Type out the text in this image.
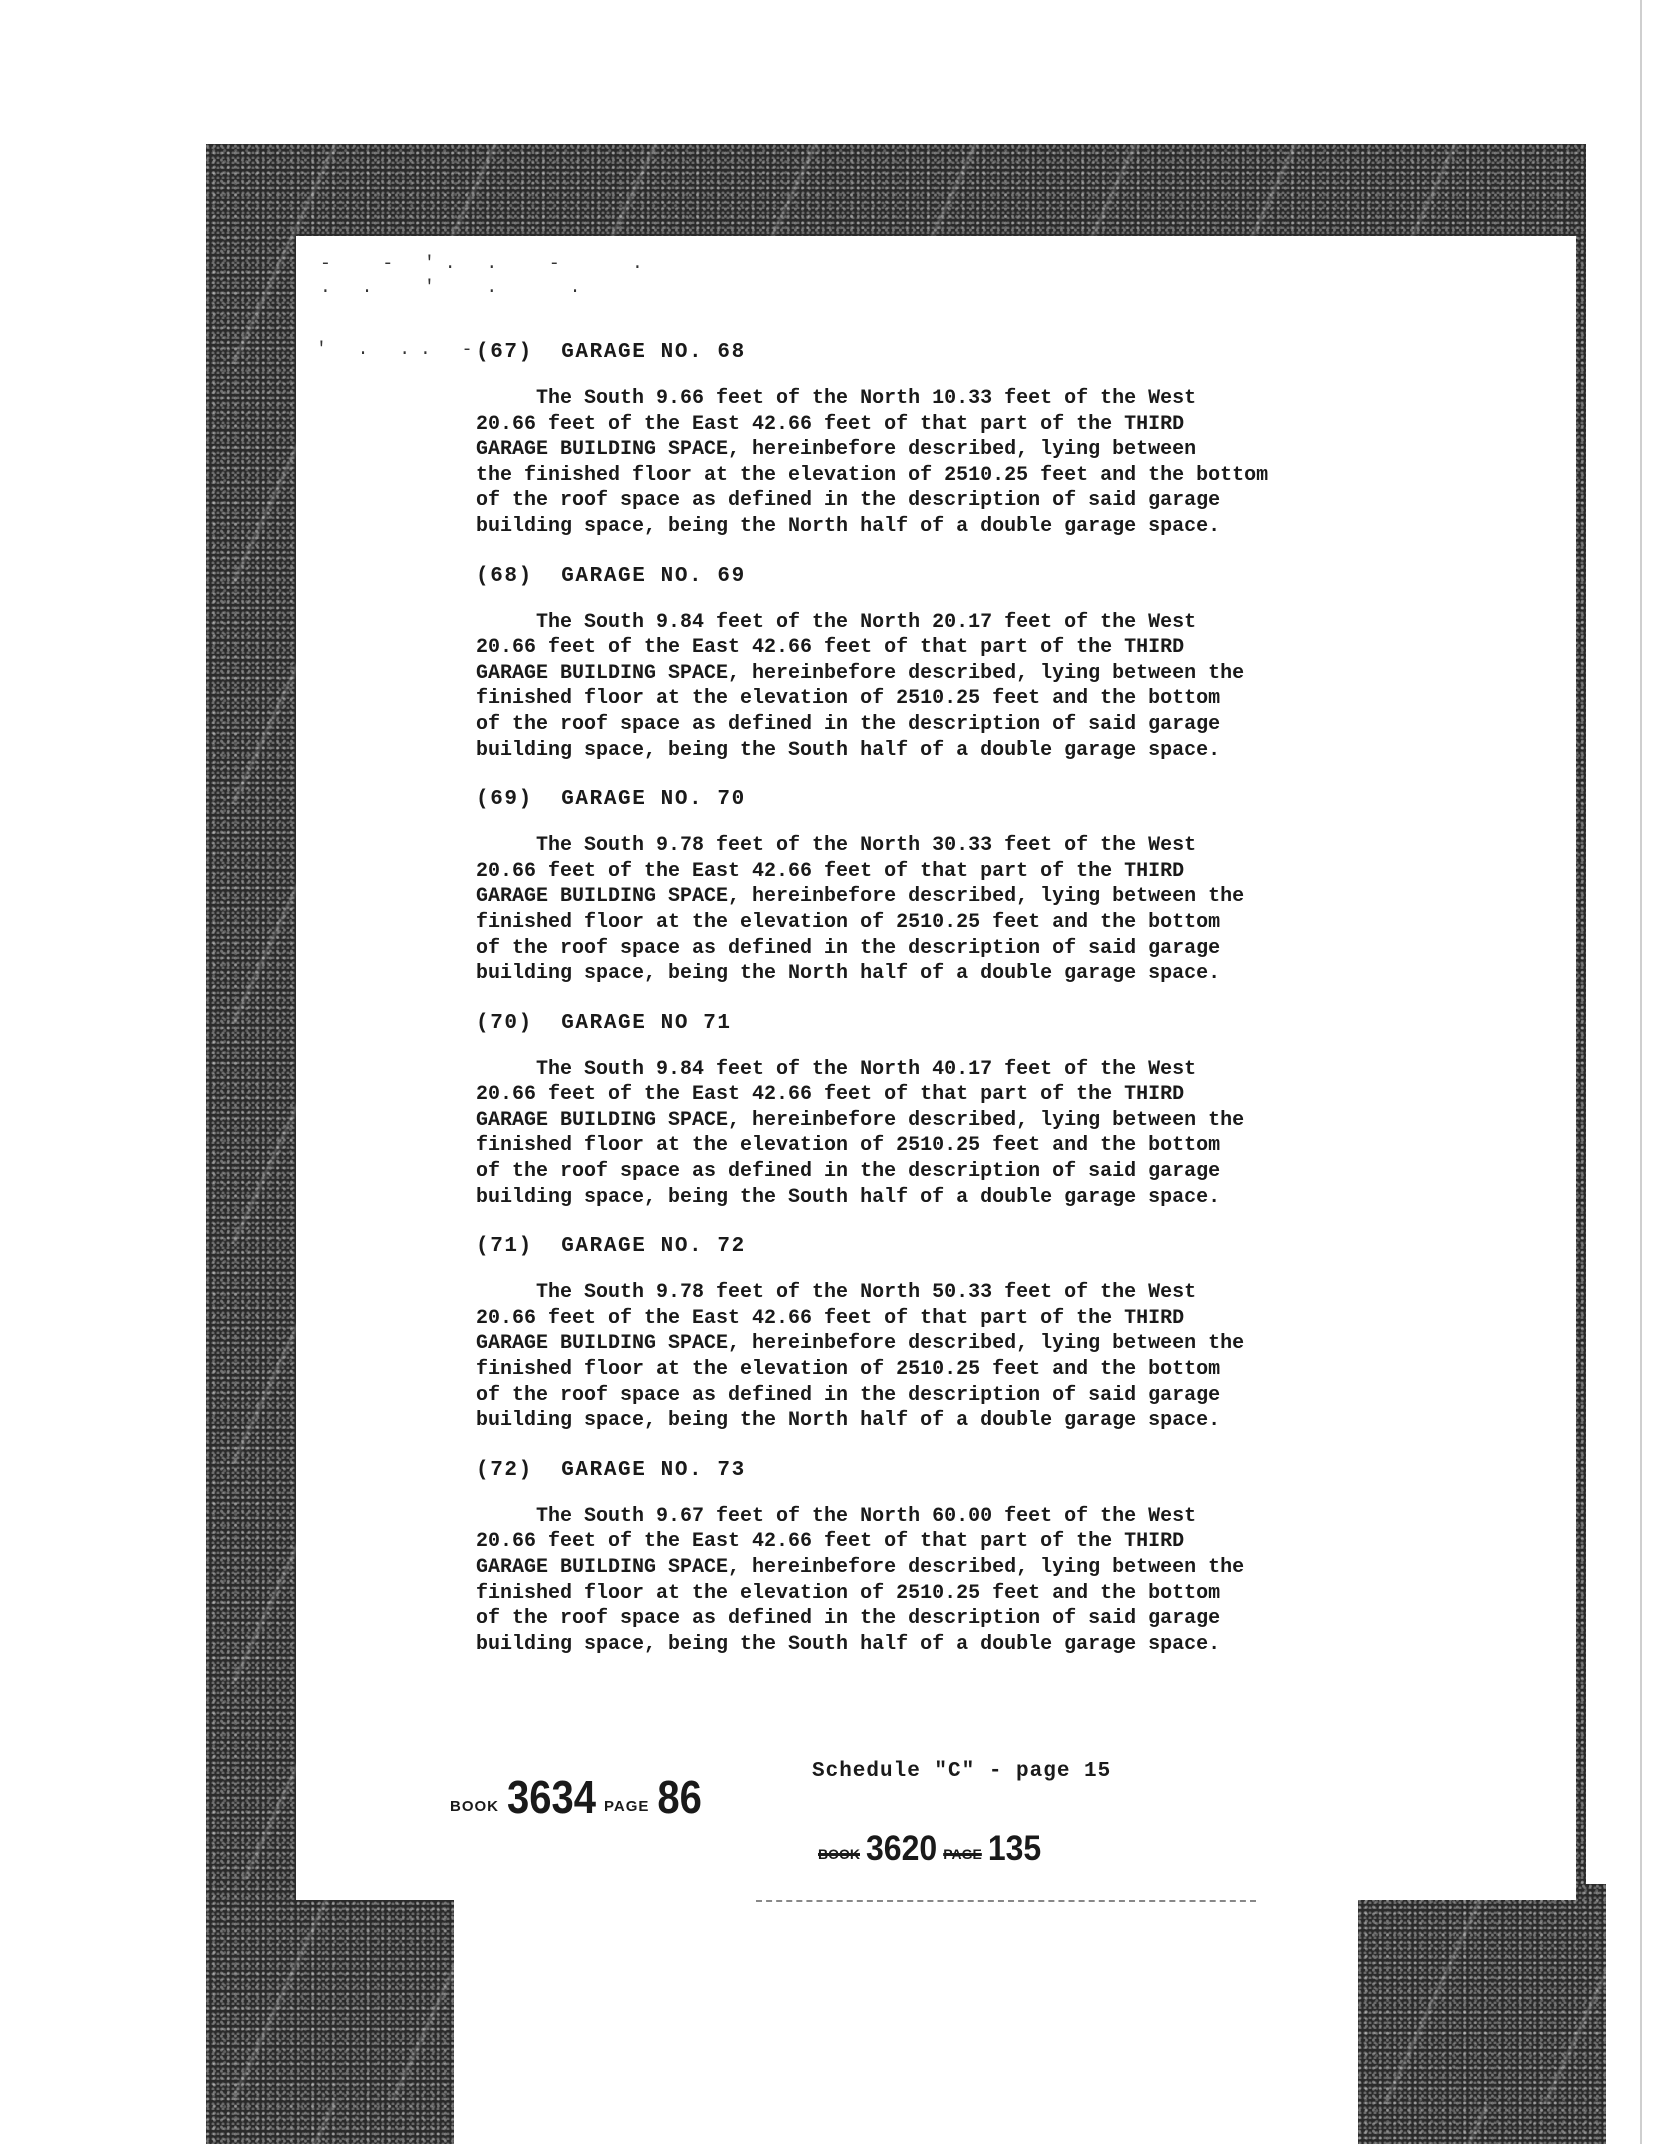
-  - '. .  -   .
. .  '  .   .
' . .. -
(67)  GARAGE NO. 68
The South 9.66 feet of the North 10.33 feet of the West
20.66 feet of the East 42.66 feet of that part of the THIRD
GARAGE BUILDING SPACE, hereinbefore described, lying between
the finished floor at the elevation of 2510.25 feet and the bottom
of the roof space as defined in the description of said garage
building space, being the North half of a double garage space.
(68)  GARAGE NO. 69
The South 9.84 feet of the North 20.17 feet of the West
20.66 feet of the East 42.66 feet of that part of the THIRD
GARAGE BUILDING SPACE, hereinbefore described, lying between the
finished floor at the elevation of 2510.25 feet and the bottom
of the roof space as defined in the description of said garage
building space, being the South half of a double garage space.
(69)  GARAGE NO. 70
The South 9.78 feet of the North 30.33 feet of the West
20.66 feet of the East 42.66 feet of that part of the THIRD
GARAGE BUILDING SPACE, hereinbefore described, lying between the
finished floor at the elevation of 2510.25 feet and the bottom
of the roof space as defined in the description of said garage
building space, being the North half of a double garage space.
(70)  GARAGE NO 71
The South 9.84 feet of the North 40.17 feet of the West
20.66 feet of the East 42.66 feet of that part of the THIRD
GARAGE BUILDING SPACE, hereinbefore described, lying between the
finished floor at the elevation of 2510.25 feet and the bottom
of the roof space as defined in the description of said garage
building space, being the South half of a double garage space.
(71)  GARAGE NO. 72
The South 9.78 feet of the North 50.33 feet of the West
20.66 feet of the East 42.66 feet of that part of the THIRD
GARAGE BUILDING SPACE, hereinbefore described, lying between the
finished floor at the elevation of 2510.25 feet and the bottom
of the roof space as defined in the description of said garage
building space, being the North half of a double garage space.
(72)  GARAGE NO. 73
The South 9.67 feet of the North 60.00 feet of the West
20.66 feet of the East 42.66 feet of that part of the THIRD
GARAGE BUILDING SPACE, hereinbefore described, lying between the
finished floor at the elevation of 2510.25 feet and the bottom
of the roof space as defined in the description of said garage
building space, being the South half of a double garage space.
Schedule "C" - page 15
BOOK 3634 PAGE 86
BOOK 3620 PAGE 135
